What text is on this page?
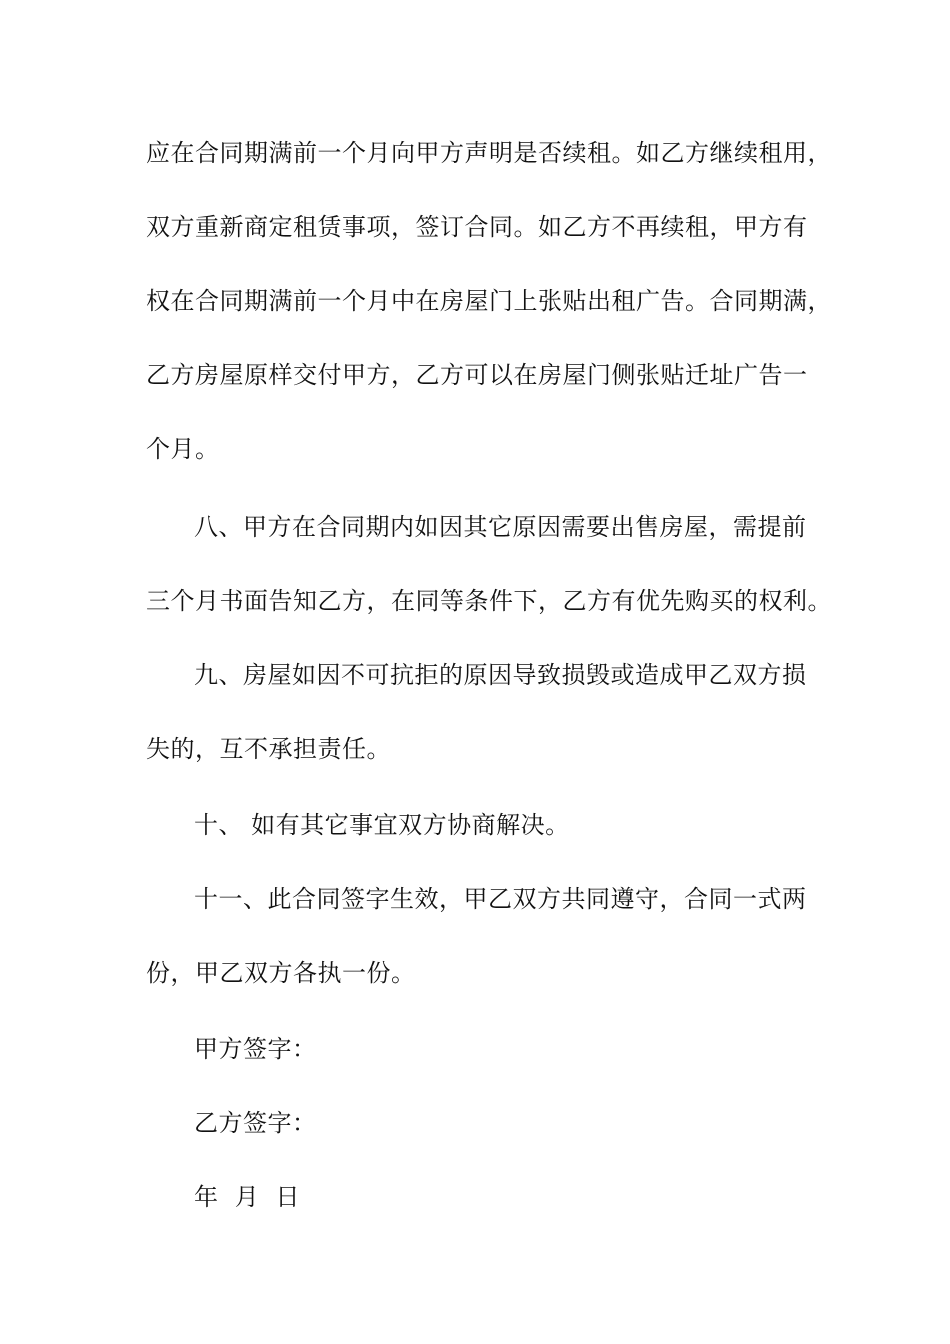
应在合同期满前一个月向甲方声明是否续租。如乙方继续租用，
双方重新商定租赁事项，签订合同。如乙方不再续租，甲方有
权在合同期满前一个月中在房屋门上张贴出租广告。合同期满，
乙方房屋原样交付甲方，乙方可以在房屋门侧张贴迁址广告一
个月。
八、甲方在合同期内如因其它原因需要出售房屋，需提前
三个月书面告知乙方，在同等条件下，乙方有优先购买的权利。
九、房屋如因不可抗拒的原因导致损毁或造成甲乙双方损
失的，互不承担责任。
十、 如有其它事宜双方协商解决。
十一、此合同签字生效，甲乙双方共同遵守，合同一式两
份，甲乙双方各执一份。
甲方签字：
乙方签字：
年  月  日
